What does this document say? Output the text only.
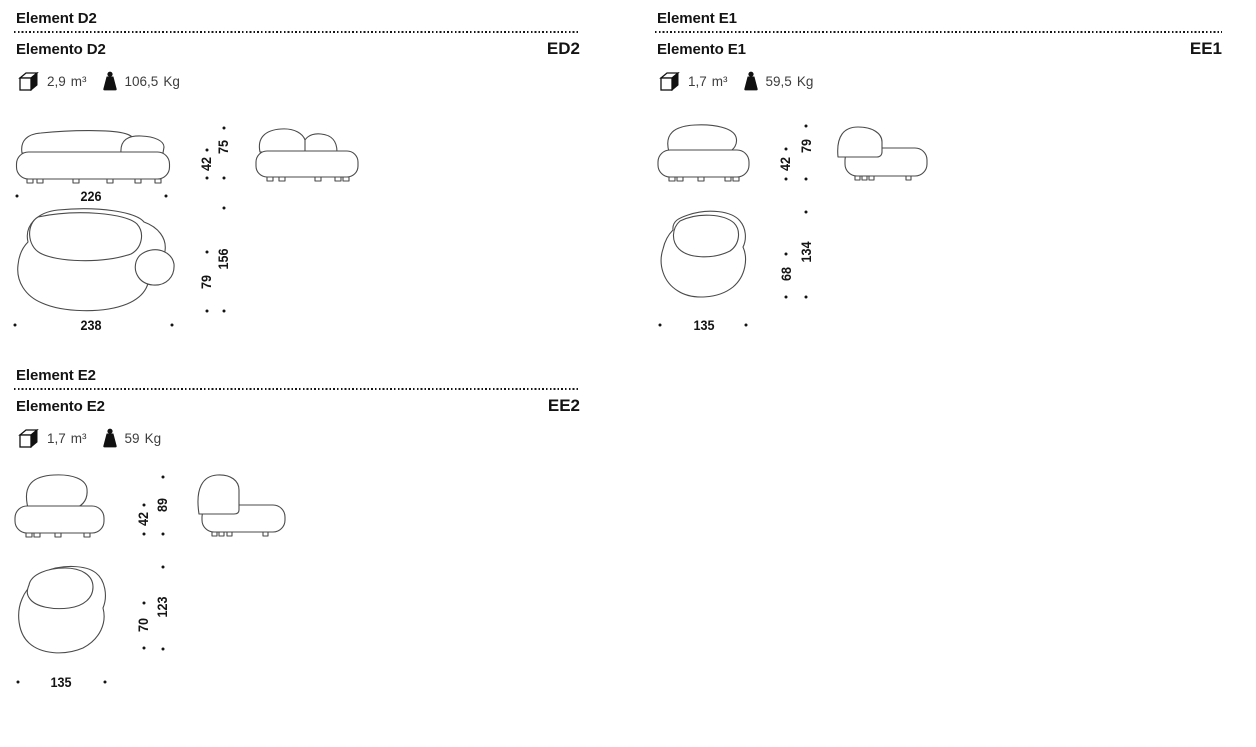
Element D2
Elemento D2	ED2
2,9 m³	106,5 Kg
226
42
75
238
79
156
Element E1
Elemento E1	EE1
1,7 m³	59,5 Kg
42
79
135
68
134
Element E2
Elemento E2	EE2
1,7 m³	59 Kg
42
89
135
70
123
